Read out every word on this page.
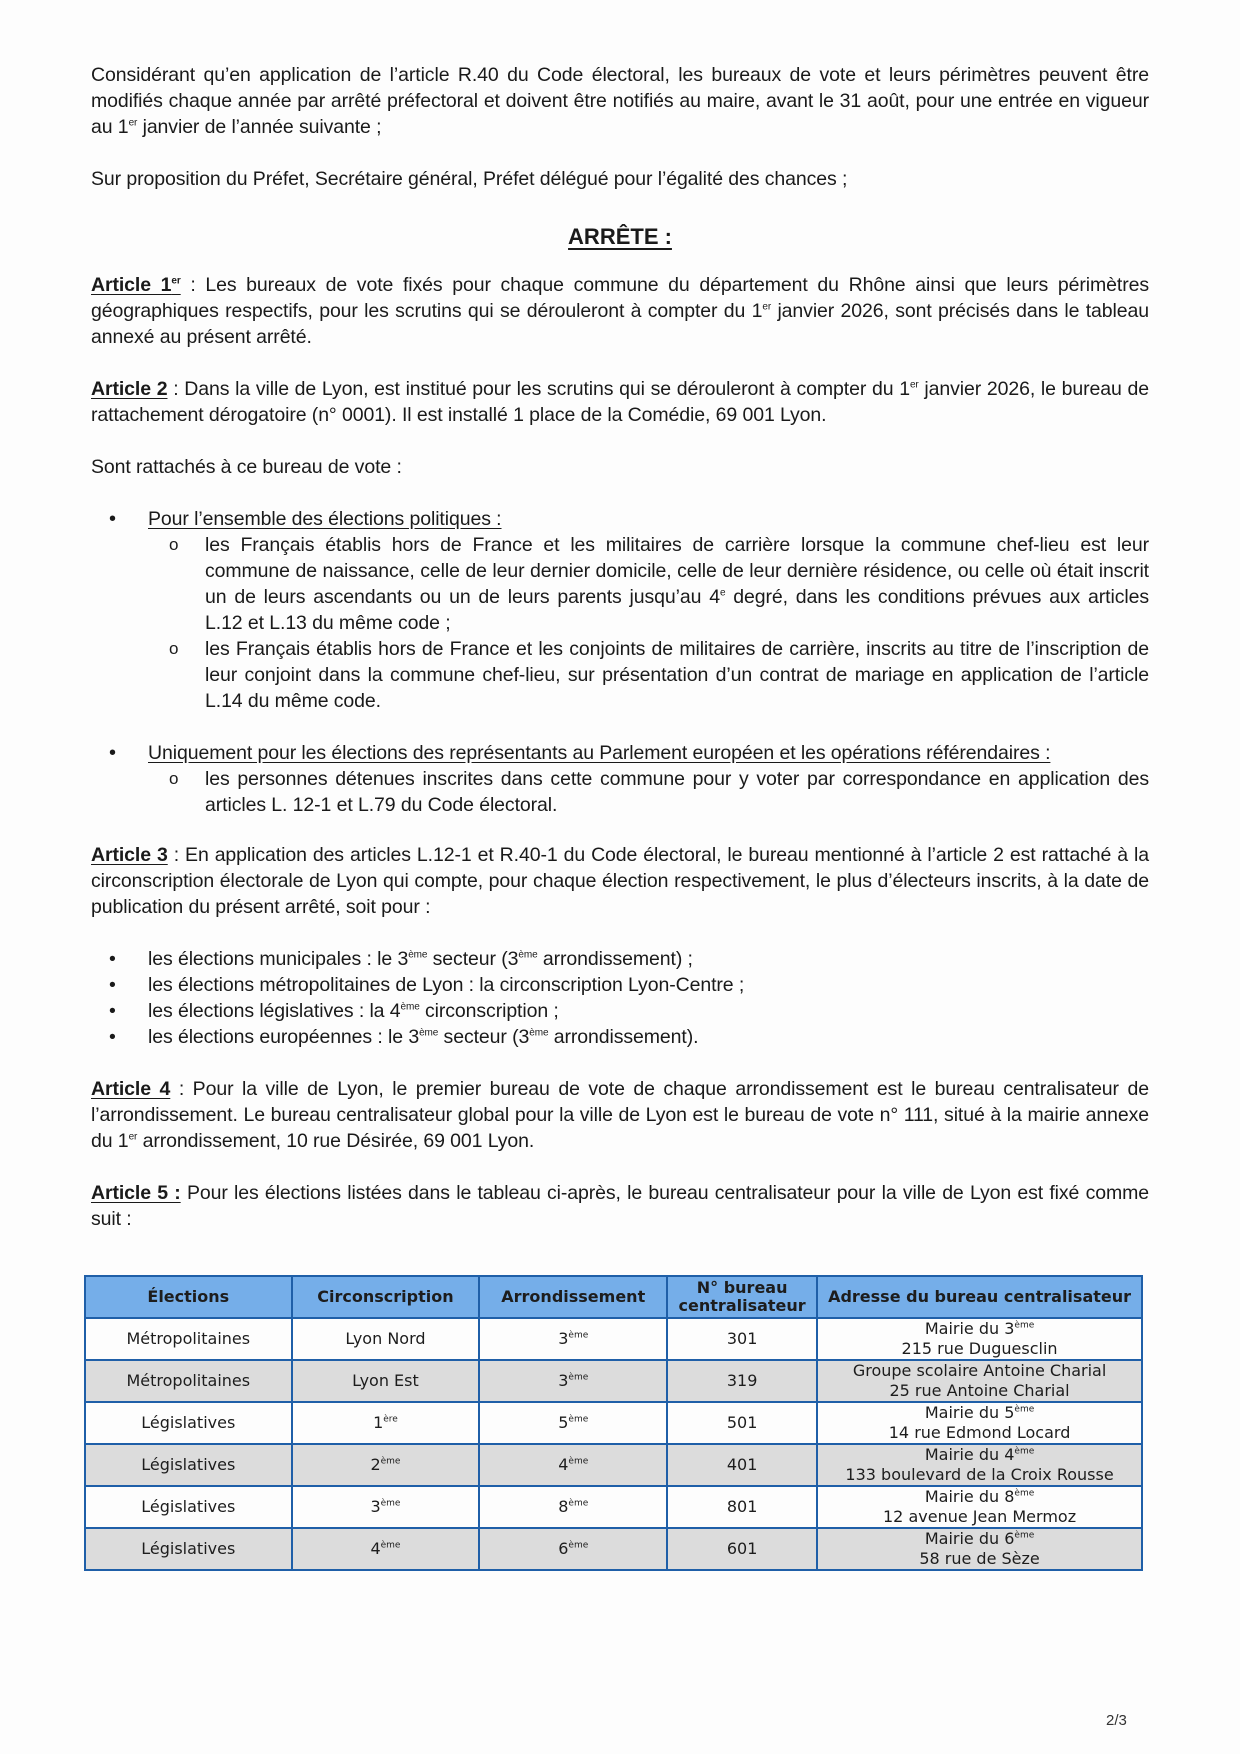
Considérant qu’en application de l’article R.40 du Code électoral, les bureaux de vote et leurs périmètres peuvent être modifiés chaque année par arrêté préfectoral et doivent être notifiés au maire, avant le 31 août, pour une entrée en vigueur au 1er janvier de l’année suivante ;

Sur proposition du Préfet, Secrétaire général, Préfet délégué pour l’égalité des chances ;

ARRÊTE :

Article 1er : Les bureaux de vote fixés pour chaque commune du département du Rhône ainsi que leurs périmètres géographiques respectifs, pour les scrutins qui se dérouleront à compter du 1er janvier 2026, sont précisés dans le tableau annexé au présent arrêté.

Article 2 : Dans la ville de Lyon, est institué pour les scrutins qui se dérouleront à compter du 1er janvier 2026, le bureau de rattachement dérogatoire (n° 0001). Il est installé 1 place de la Comédie, 69 001 Lyon.

Sont rattachés à ce bureau de vote :

• Pour l’ensemble des élections politiques :
o les Français établis hors de France et les militaires de carrière lorsque la commune chef-lieu est leur commune de naissance, celle de leur dernier domicile, celle de leur dernière résidence, ou celle où était inscrit un de leurs ascendants ou un de leurs parents jusqu’au 4e degré, dans les conditions prévues aux articles L.12 et L.13 du même code ;
o les Français établis hors de France et les conjoints de militaires de carrière, inscrits au titre de l’inscription de leur conjoint dans la commune chef-lieu, sur présentation d’un contrat de mariage en application de l’article L.14 du même code.
• Uniquement pour les élections des représentants au Parlement européen et les opérations référendaires :
o les personnes détenues inscrites dans cette commune pour y voter par correspondance en application des articles L. 12-1 et L.79 du Code électoral.

Article 3 : En application des articles L.12-1 et R.40-1 du Code électoral, le bureau mentionné à l’article 2 est rattaché à la circonscription électorale de Lyon qui compte, pour chaque élection respectivement, le plus d’électeurs inscrits, à la date de publication du présent arrêté, soit pour :

• les élections municipales : le 3ème secteur (3ème arrondissement) ;
• les élections métropolitaines de Lyon : la circonscription Lyon-Centre ;
• les élections législatives : la 4ème circonscription ;
• les élections européennes : le 3ème secteur (3ème arrondissement).

Article 4 : Pour la ville de Lyon, le premier bureau de vote de chaque arrondissement est le bureau centralisateur de l’arrondissement. Le bureau centralisateur global pour la ville de Lyon est le bureau de vote n° 111, situé à la mairie annexe du 1er arrondissement, 10 rue Désirée, 69 001 Lyon.

Article 5 : Pour les élections listées dans le tableau ci-après, le bureau centralisateur pour la ville de Lyon est fixé comme suit :

Élections	Circonscription	Arrondissement	N° bureau centralisateur	Adresse du bureau centralisateur
Métropolitaines	Lyon Nord	3ème	301	Mairie du 3ème
215 rue Duguesclin
Métropolitaines	Lyon Est	3ème	319	Groupe scolaire Antoine Charial
25 rue Antoine Charial
Législatives	1ère	5ème	501	Mairie du 5ème
14 rue Edmond Locard
Législatives	2ème	4ème	401	Mairie du 4ème
133 boulevard de la Croix Rousse
Législatives	3ème	8ème	801	Mairie du 8ème
12 avenue Jean Mermoz
Législatives	4ème	6ème	601	Mairie du 6ème
58 rue de Sèze
2/3
